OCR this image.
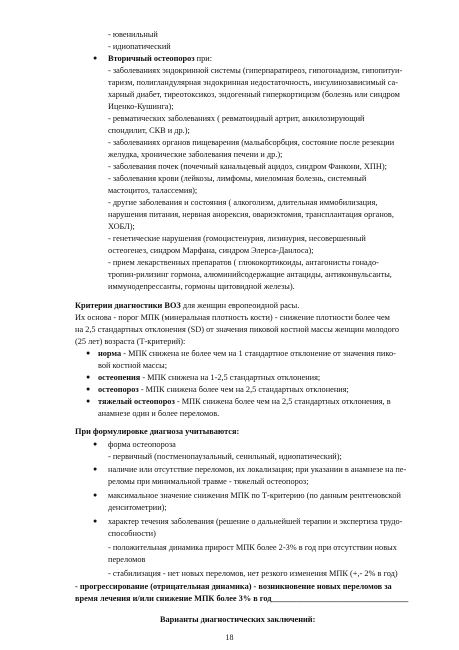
- ювенильный

- идиопатический

● Вторичный остеопороз при:

- заболеваниях эндокринной системы (гиперпаратиреоз, гипогонадизм, гипопитуи-

таризм, полигландулярная эндокринная недостаточность, инсулинозависимый са-

харный диабет, тиреотоксикоз, эндогенный гиперкортицизм (болезнь или синдром

Иценко-Кушинга);

- ревматических заболеваниях ( ревматоидный артрит, анкилозирующий

спондилит, СКВ и др.);

- заболеваниях органов пищеварения (мальабсорбция, состояние после резекции

желудка, хронические заболевания печени и др.);

- заболевания почек (почечный канальцевый ацидоз, синдром Фанкони, ХПН);

- заболевания крови (лейкозы, лимфомы, миеломная болезнь, системный

мастоцитоз, талассемия);

- другие заболевания и состояния ( алкоголизм, длительная иммобилизация,

нарушения питания, нервная анорексия, овариэктомия, трансплантация органов,

ХОБЛ);

- генетические нарушения (гомоцистенурия, лизинурия, несовершенный

остеогенез, синдром Марфана, синдром Элерса-Данлоса);

- прием лекарственных препаратов ( глюкокортикоиды, антагонисты гонадо-

тропин-рилизинг гормона, алюминийсодержащие антациды, антиконвульсанты,

иммунодепрессанты, гормоны щитовидной железы).

Критерии диагностики ВОЗ для женщин европеоидной расы.

Их основа - порог МПК (минеральная плотность кости) - снижение плотности более чем

на 2,5 стандартных отклонения (SD) от значения пиковой костной массы женщин молодого

(25 лет) возраста (Т-критерий):

● норма - МПК снижена не более чем на 1 стандартное отклонение от значения пико-

вой костной массы;

● остеопения - МПК снижена на 1-2,5 стандартных отклонения;

● остеопороз - МПК снижена более чем на 2,5 стандартных отклонения;

● тяжелый остеопороз - МПК снижена более чем на 2,5 стандартных отклонения, в

анамнезе один и более переломов.

При формулировке диагноза учитываются:

● форма остеопороза

- первичный (постменопаузальный, сенильный, идиопатический);

● наличие или отсутствие переломов, их локализация; при указании в анамнезе на пе-

реломы при минимальной травме - тяжелый остеопороз;

● максимальное значение снижения МПК по Т-критерию (по данным рентгеновской

денситометрии);

● характер течения заболевания (решение о дальнейшей терапии и экспертиза трудо-

способности)

- положительная динамика прирост МПК более 2-3% в год при отсутствии новых

переломов

- стабилизация - нет новых переломов, нет резкого изменения МПК (+,- 2% в год)

- прогрессирование (отрицательная динамика) - возникновение новых переломов за

время лечения и/или снижение МПК более 3% в год_________________________________

Варианты диагностических заключений:

18
